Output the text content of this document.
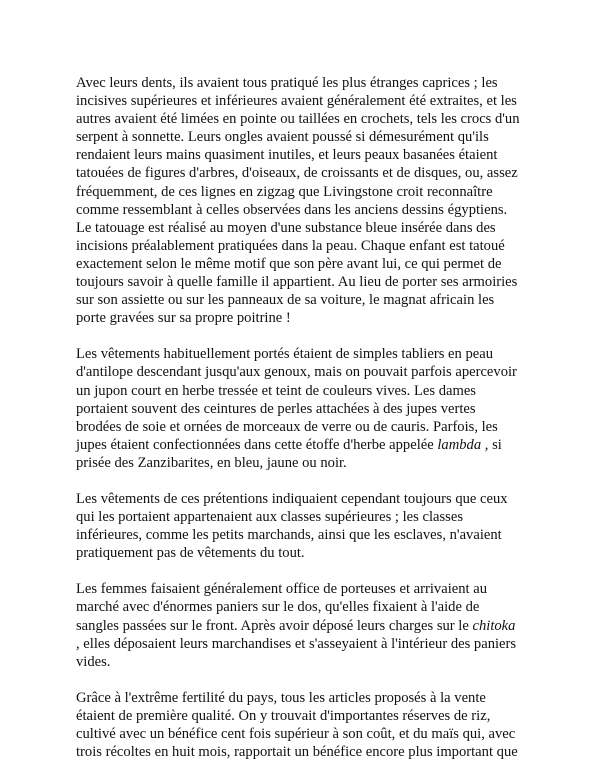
Avec leurs dents, ils avaient tous pratiqué les plus étranges caprices ; les
incisives supérieures et inférieures avaient généralement été extraites, et les
autres avaient été limées en pointe ou taillées en crochets, tels les crocs d'un
serpent à sonnette. Leurs ongles avaient poussé si démesurément qu'ils
rendaient leurs mains quasiment inutiles, et leurs peaux basanées étaient
tatouées de figures d'arbres, d'oiseaux, de croissants et de disques, ou, assez
fréquemment, de ces lignes en zigzag que Livingstone croit reconnaître
comme ressemblant à celles observées dans les anciens dessins égyptiens.
Le tatouage est réalisé au moyen d'une substance bleue insérée dans des
incisions préalablement pratiquées dans la peau. Chaque enfant est tatoué
exactement selon le même motif que son père avant lui, ce qui permet de
toujours savoir à quelle famille il appartient. Au lieu de porter ses armoiries
sur son assiette ou sur les panneaux de sa voiture, le magnat africain les
porte gravées sur sa propre poitrine !
Les vêtements habituellement portés étaient de simples tabliers en peau
d'antilope descendant jusqu'aux genoux, mais on pouvait parfois apercevoir
un jupon court en herbe tressée et teint de couleurs vives. Les dames
portaient souvent des ceintures de perles attachées à des jupes vertes
brodées de soie et ornées de morceaux de verre ou de cauris. Parfois, les
jupes étaient confectionnées dans cette étoffe d'herbe appelée lambda , si
prisée des Zanzibarites, en bleu, jaune ou noir.
Les vêtements de ces prétentions indiquaient cependant toujours que ceux
qui les portaient appartenaient aux classes supérieures ; les classes
inférieures, comme les petits marchands, ainsi que les esclaves, n'avaient
pratiquement pas de vêtements du tout.
Les femmes faisaient généralement office de porteuses et arrivaient au
marché avec d'énormes paniers sur le dos, qu'elles fixaient à l'aide de
sangles passées sur le front. Après avoir déposé leurs charges sur le chitoka
, elles déposaient leurs marchandises et s'asseyaient à l'intérieur des paniers
vides.
Grâce à l'extrême fertilité du pays, tous les articles proposés à la vente
étaient de première qualité. On y trouvait d'importantes réserves de riz,
cultivé avec un bénéfice cent fois supérieur à son coût, et du maïs qui, avec
trois récoltes en huit mois, rapportait un bénéfice encore plus important que
